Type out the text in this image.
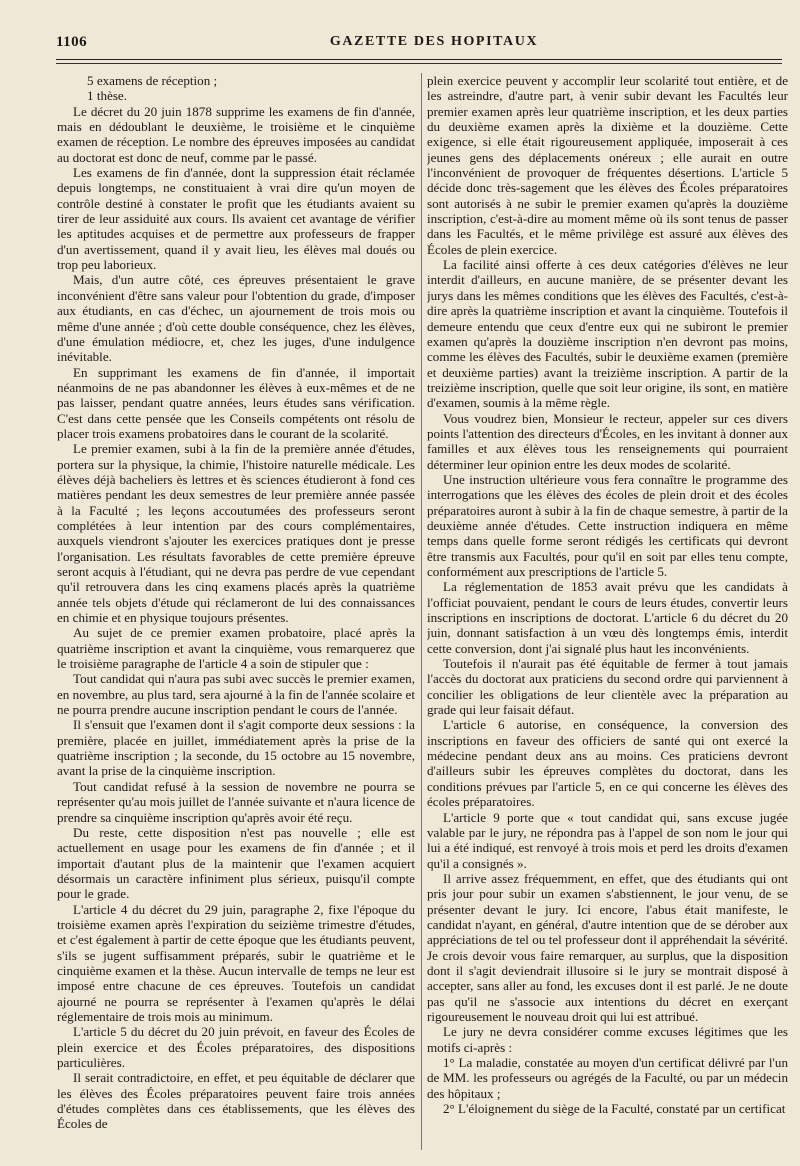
1106	GAZETTE DES HOPITAUX

5 examens de réception ;

1 thèse.

Le décret du 20 juin 1878 supprime les examens de fin d'année, mais en dédoublant le deuxième, le troisième et le cinquième examen de réception. Le nombre des épreuves imposées au candidat au doctorat est donc de neuf, comme par le passé.

Les examens de fin d'année, dont la suppression était réclamée depuis longtemps, ne constituaient à vrai dire qu'un moyen de contrôle destiné à constater le profit que les étudiants avaient su tirer de leur assiduité aux cours. Ils avaient cet avantage de vérifier les aptitudes acquises et de permettre aux professeurs de frapper d'un avertissement, quand il y avait lieu, les élèves mal doués ou trop peu laborieux.

Mais, d'un autre côté, ces épreuves présentaient le grave inconvénient d'être sans valeur pour l'obtention du grade, d'imposer aux étudiants, en cas d'échec, un ajournement de trois mois ou même d'une année ; d'où cette double conséquence, chez les élèves, d'une émulation médiocre, et, chez les juges, d'une indulgence inévitable.

En supprimant les examens de fin d'année, il importait néanmoins de ne pas abandonner les élèves à eux-mêmes et de ne pas laisser, pendant quatre années, leurs études sans vérification. C'est dans cette pensée que les Conseils compétents ont résolu de placer trois examens probatoires dans le courant de la scolarité.

Le premier examen, subi à la fin de la première année d'études, portera sur la physique, la chimie, l'histoire naturelle médicale. Les élèves déjà bacheliers ès lettres et ès sciences étudieront à fond ces matières pendant les deux semestres de leur première année passée à la Faculté ; les leçons accoutumées des professeurs seront complétées à leur intention par des cours complémentaires, auxquels viendront s'ajouter les exercices pratiques dont je presse l'organisation. Les résultats favorables de cette première épreuve seront acquis à l'étudiant, qui ne devra pas perdre de vue cependant qu'il retrouvera dans les cinq examens placés après la quatrième année tels objets d'étude qui réclameront de lui des connaissances en chimie et en physique toujours présentes.

Au sujet de ce premier examen probatoire, placé après la quatrième inscription et avant la cinquième, vous remarquerez que le troisième paragraphe de l'article 4 a soin de stipuler que :

Tout candidat qui n'aura pas subi avec succès le premier examen, en novembre, au plus tard, sera ajourné à la fin de l'année scolaire et ne pourra prendre aucune inscription pendant le cours de l'année.

Il s'ensuit que l'examen dont il s'agit comporte deux sessions : la première, placée en juillet, immédiatement après la prise de la quatrième inscription ; la seconde, du 15 octobre au 15 novembre, avant la prise de la cinquième inscription.

Tout candidat refusé à la session de novembre ne pourra se représenter qu'au mois juillet de l'année suivante et n'aura licence de prendre sa cinquième inscription qu'après avoir été reçu.

Du reste, cette disposition n'est pas nouvelle ; elle est actuellement en usage pour les examens de fin d'année ; et il importait d'autant plus de la maintenir que l'examen acquiert désormais un caractère infiniment plus sérieux, puisqu'il compte pour le grade.

L'article 4 du décret du 29 juin, paragraphe 2, fixe l'époque du troisième examen après l'expiration du seizième trimestre d'études, et c'est également à partir de cette époque que les étudiants peuvent, s'ils se jugent suffisamment préparés, subir le quatrième et le cinquième examen et la thèse. Aucun intervalle de temps ne leur est imposé entre chacune de ces épreuves. Toutefois un candidat ajourné ne pourra se représenter à l'examen qu'après le délai réglementaire de trois mois au minimum.

L'article 5 du décret du 20 juin prévoit, en faveur des Écoles de plein exercice et des Écoles préparatoires, des dispositions particulières.

Il serait contradictoire, en effet, et peu équitable de déclarer que les élèves des Écoles préparatoires peuvent faire trois années d'études complètes dans ces établissements, que les élèves des Écoles de

plein exercice peuvent y accomplir leur scolarité tout entière, et de les astreindre, d'autre part, à venir subir devant les Facultés leur premier examen après leur quatrième inscription, et les deux parties du deuxième examen après la dixième et la douzième. Cette exigence, si elle était rigoureusement appliquée, imposerait à ces jeunes gens des déplacements onéreux ; elle aurait en outre l'inconvénient de provoquer de fréquentes désertions. L'article 5 décide donc très-sagement que les élèves des Écoles préparatoires sont autorisés à ne subir le premier examen qu'après la douzième inscription, c'est-à-dire au moment même où ils sont tenus de passer dans les Facultés, et le même privilège est assuré aux élèves des Écoles de plein exercice.

La facilité ainsi offerte à ces deux catégories d'élèves ne leur interdit d'ailleurs, en aucune manière, de se présenter devant les jurys dans les mêmes conditions que les élèves des Facultés, c'est-à-dire après la quatrième inscription et avant la cinquième. Toutefois il demeure entendu que ceux d'entre eux qui ne subiront le premier examen qu'après la douzième inscription n'en devront pas moins, comme les élèves des Facultés, subir le deuxième examen (première et deuxième parties) avant la treizième inscription. A partir de la treizième inscription, quelle que soit leur origine, ils sont, en matière d'examen, soumis à la même règle.

Vous voudrez bien, Monsieur le recteur, appeler sur ces divers points l'attention des directeurs d'Écoles, en les invitant à donner aux familles et aux élèves tous les renseignements qui pourraient déterminer leur opinion entre les deux modes de scolarité.

Une instruction ultérieure vous fera connaître le programme des interrogations que les élèves des écoles de plein droit et des écoles préparatoires auront à subir à la fin de chaque semestre, à partir de la deuxième année d'études. Cette instruction indiquera en même temps dans quelle forme seront rédigés les certificats qui devront être transmis aux Facultés, pour qu'il en soit par elles tenu compte, conformément aux prescriptions de l'article 5.

La réglementation de 1853 avait prévu que les candidats à l'officiat pouvaient, pendant le cours de leurs études, convertir leurs inscriptions en inscriptions de doctorat. L'article 6 du décret du 20 juin, donnant satisfaction à un vœu dès longtemps émis, interdit cette conversion, dont j'ai signalé plus haut les inconvénients.

Toutefois il n'aurait pas été équitable de fermer à tout jamais l'accès du doctorat aux praticiens du second ordre qui parviennent à concilier les obligations de leur clientèle avec la préparation au grade qui leur faisait défaut.

L'article 6 autorise, en conséquence, la conversion des inscriptions en faveur des officiers de santé qui ont exercé la médecine pendant deux ans au moins. Ces praticiens devront d'ailleurs subir les épreuves complètes du doctorat, dans les conditions prévues par l'article 5, en ce qui concerne les élèves des écoles préparatoires.

L'article 9 porte que « tout candidat qui, sans excuse jugée valable par le jury, ne répondra pas à l'appel de son nom le jour qui lui a été indiqué, est renvoyé à trois mois et perd les droits d'examen qu'il a consignés ».

Il arrive assez fréquemment, en effet, que des étudiants qui ont pris jour pour subir un examen s'abstiennent, le jour venu, de se présenter devant le jury. Ici encore, l'abus était manifeste, le candidat n'ayant, en général, d'autre intention que de se dérober aux appréciations de tel ou tel professeur dont il appréhendait la sévérité. Je crois devoir vous faire remarquer, au surplus, que la disposition dont il s'agit deviendrait illusoire si le jury se montrait disposé à accepter, sans aller au fond, les excuses dont il est parlé. Je ne doute pas qu'il ne s'associe aux intentions du décret en exerçant rigoureusement le nouveau droit qui lui est attribué.

Le jury ne devra considérer comme excuses légitimes que les motifs ci-après :

1° La maladie, constatée au moyen d'un certificat délivré par l'un de MM. les professeurs ou agrégés de la Faculté, ou par un médecin des hôpitaux ;

2° L'éloignement du siège de la Faculté, constaté par un certificat
